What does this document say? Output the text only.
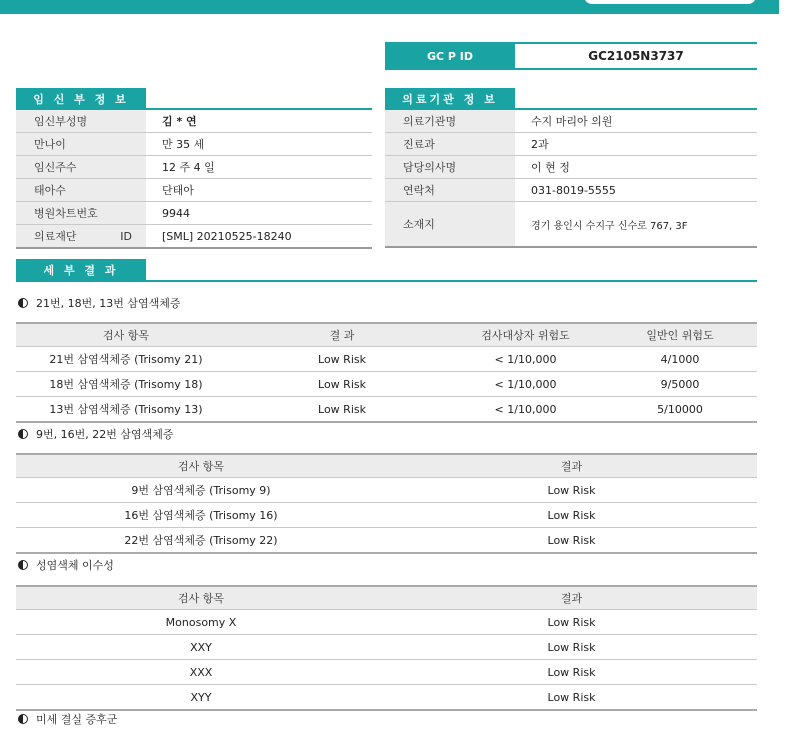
GC P ID	GC2105N3737
임 신 부 정 보
임신부성명	김 * 연
만나이	만 35 세
임신주수	12 주 4 일
태아수	단태아
병원차트번호	9944
의료재단 ID	[SML] 20210525-18240
의료기관 정 보
의료기관명	수지 마리아 의원
진료과	2과
담당의사명	이 현 정
연락처	031-8019-5555
소재지	경기 용인시 수지구 신수로 767, 3F
세 부 결 과
21번, 18번, 13번 삼염색체증
검사 항목	결 과	검사대상자 위험도	일반인 위험도
21번 삼염색체증 (Trisomy 21)	Low Risk	< 1/10,000	4/1000
18번 삼염색체증 (Trisomy 18)	Low Risk	< 1/10,000	9/5000
13번 삼염색체증 (Trisomy 13)	Low Risk	< 1/10,000	5/10000
9번, 16번, 22번 삼염색체증
검사 항목	결과
9번 삼염색체증 (Trisomy 9)	Low Risk
16번 삼염색체증 (Trisomy 16)	Low Risk
22번 삼염색체증 (Trisomy 22)	Low Risk
성염색체 이수성
검사 항목	결과
Monosomy X	Low Risk
XXY	Low Risk
XXX	Low Risk
XYY	Low Risk
미세 결실 증후군
